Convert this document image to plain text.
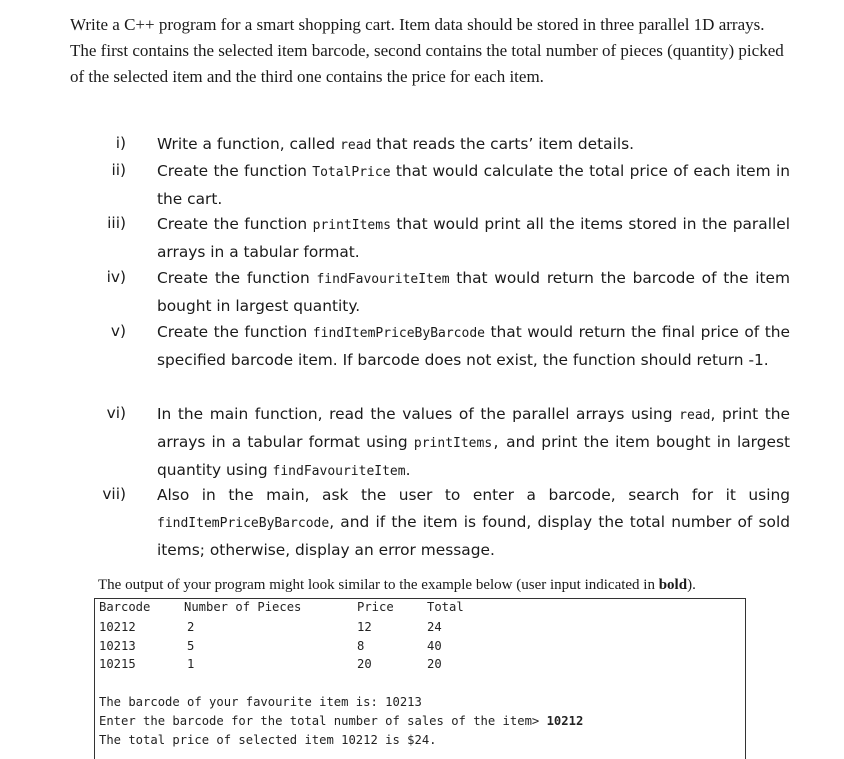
Write a C++ program for a smart shopping cart. Item data should be stored in three parallel 1D arrays. The first contains the selected item barcode, second contains the total number of pieces (quantity) picked of the selected item and the third one contains the price for each item.

i) Write a function, called read that reads the carts’ item details.
ii) Create the function TotalPrice that would calculate the total price of each item in the cart.
iii) Create the function printItems that would print all the items stored in the parallel arrays in a tabular format.
iv) Create the function findFavouriteItem that would return the barcode of the item bought in largest quantity.
v) Create the function findItemPriceByBarcode that would return the final price of the specified barcode item. If barcode does not exist, the function should return -1.
vi) In the main function, read the values of the parallel arrays using read, print the arrays in a tabular format using printItems, and print the item bought in largest quantity using findFavouriteItem.
vii) Also in the main, ask the user to enter a barcode, search for it using findItemPriceByBarcode, and if the item is found, display the total number of sold items; otherwise, display an error message.
The output of your program might look similar to the example below (user input indicated in bold).
Barcode	Number of Pieces	Price	Total
10212	2	12	24
10213	5	8	40
10215	1	20	20
The barcode of your favourite item is: 10213
Enter the barcode for the total number of sales of the item> 10212
The total price of selected item 10212 is $24.
